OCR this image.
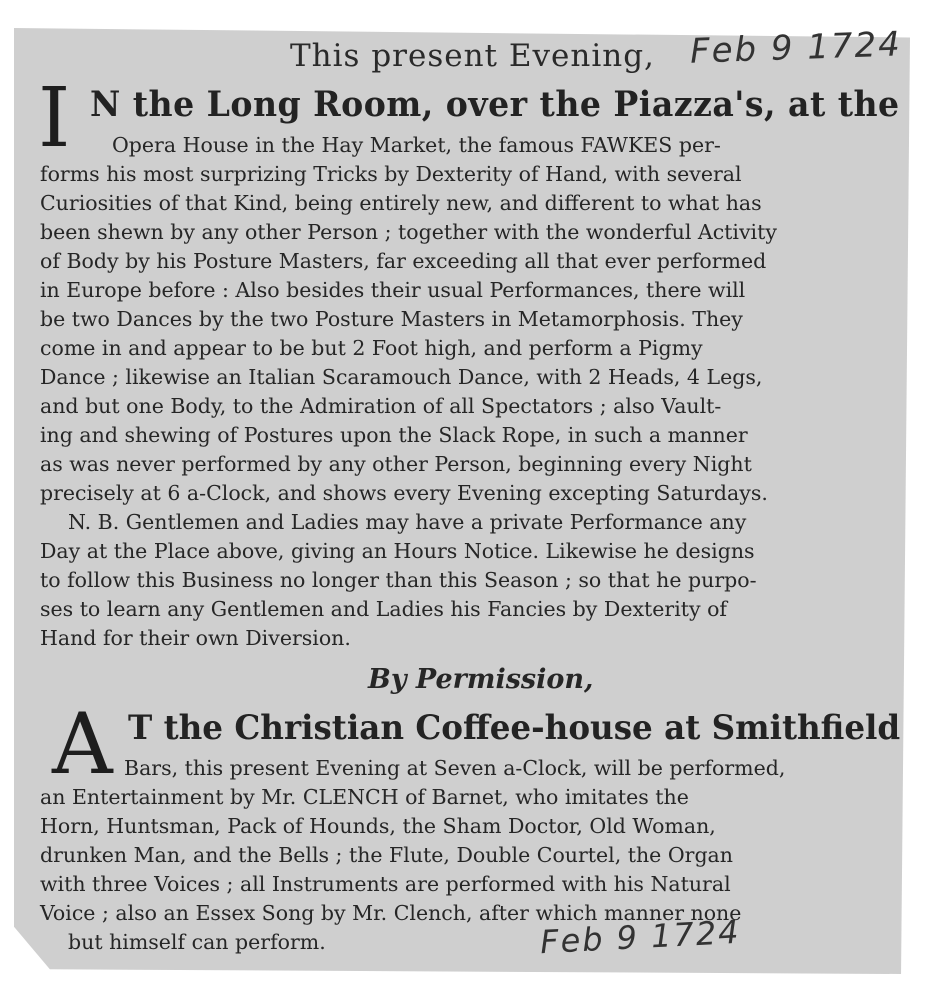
This present Evening, Feb 9 1724
I N the Long Room, over the Piazza's, at the
Opera House in the Hay Market, the famous FAWKES per-
forms his most surprizing Tricks by Dexterity of Hand, with several
Curiosities of that Kind, being entirely new, and different to what has
been shewn by any other Person ; together with the wonderful Activity
of Body by his Posture Masters, far exceeding all that ever performed
in Europe before : Also besides their usual Performances, there will
be two Dances by the two Posture Masters in Metamorphosis. They
come in and appear to be but 2 Foot high, and perform a Pigmy
Dance ; likewise an Italian Scaramouch Dance, with 2 Heads, 4 Legs,
and but one Body, to the Admiration of all Spectators ; also Vault-
ing and shewing of Postures upon the Slack Rope, in such a manner
as was never performed by any other Person, beginning every Night
precisely at 6 a-Clock, and shows every Evening excepting Saturdays.
N. B. Gentlemen and Ladies may have a private Performance any
Day at the Place above, giving an Hours Notice. Likewise he designs
to follow this Business no longer than this Season ; so that he purpo-
ses to learn any Gentlemen and Ladies his Fancies by Dexterity of
Hand for their own Diversion.
By Permission,
A T the Christian Coffee-house at Smithfield
Bars, this present Evening at Seven a-Clock, will be performed,
an Entertainment by Mr. CLENCH of Barnet, who imitates the
Horn, Huntsman, Pack of Hounds, the Sham Doctor, Old Woman,
drunken Man, and the Bells ; the Flute, Double Courtel, the Organ
with three Voices ; all Instruments are performed with his Natural
Voice ; also an Essex Song by Mr. Clench, after which manner none
but himself can perform.	Feb 9 1724
